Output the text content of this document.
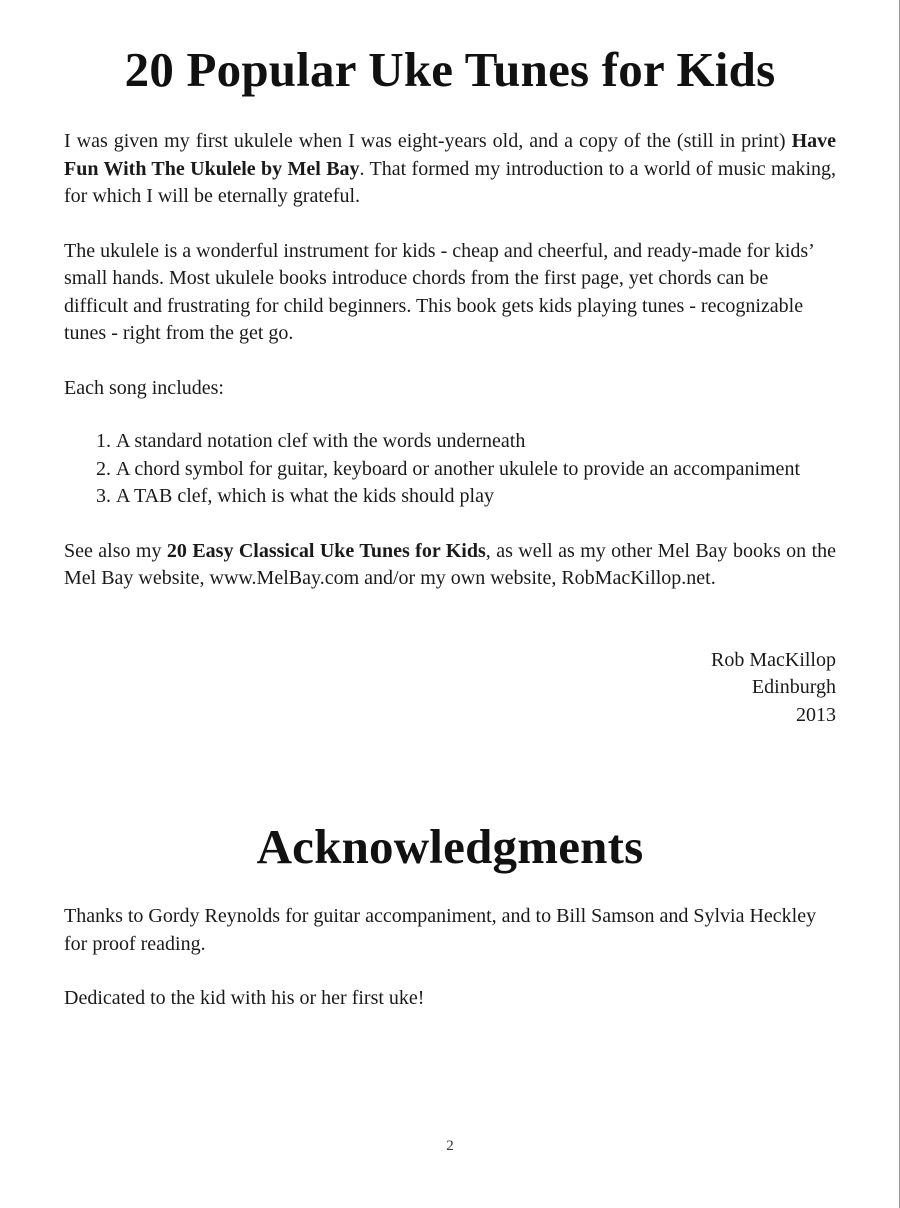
20 Popular Uke Tunes for Kids

I was given my first ukulele when I was eight-years old, and a copy of the (still in print) Have Fun With The Ukulele by Mel Bay. That formed my introduction to a world of music making, for which I will be eternally grateful.

The ukulele is a wonderful instrument for kids - cheap and cheerful, and ready-made for kids’ small hands. Most ukulele books introduce chords from the first page, yet chords can be difficult and frustrating for child beginners. This book gets kids playing tunes - recognizable tunes - right from the get go.

Each song includes:

1. A standard notation clef with the words underneath
2. A chord symbol for guitar, keyboard or another ukulele to provide an accompaniment
3. A TAB clef, which is what the kids should play

See also my 20 Easy Classical Uke Tunes for Kids, as well as my other Mel Bay books on the Mel Bay website, www.MelBay.com and/or my own website, RobMacKillop.net.

Rob MacKillop
Edinburgh
2013
Acknowledgments

Thanks to Gordy Reynolds for guitar accompaniment, and to Bill Samson and Sylvia Heckley for proof reading.

Dedicated to the kid with his or her first uke!

2
